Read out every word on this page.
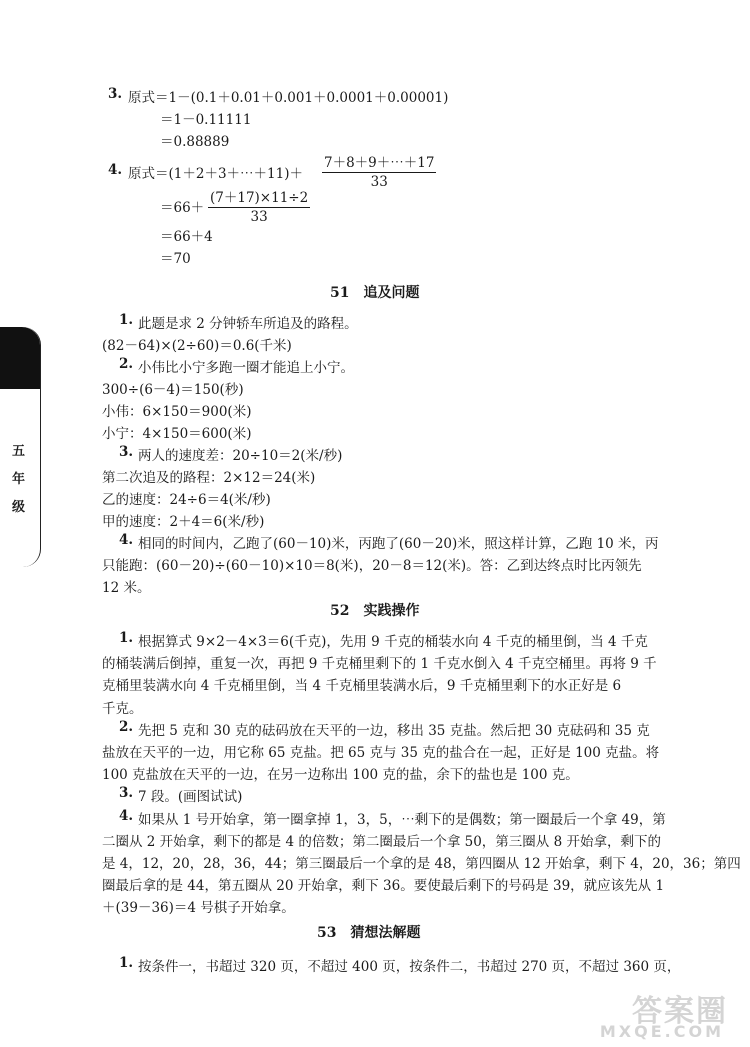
五
年
级
3. 原式＝1－(0.1＋0.01＋0.001＋0.0001＋0.00001)
＝1－0.11111
＝0.88889
4. 原式＝(1＋2＋3＋⋯＋11)＋ $\frac{7+8+9+\cdots+17}{33}$
$=66+ \frac{(7+17)\times 11\div 2}{33}$
＝66＋4
＝70
51　追及问题
1. 此题是求 2 分钟轿车所追及的路程。
(82－64)×(2÷60)＝0.6(千米)
2. 小伟比小宁多跑一圈才能追上小宁。
300÷(6－4)＝150(秒)
小伟：6×150＝900(米)
小宁：4×150＝600(米)
3. 两人的速度差：20÷10＝2(米/秒)
第二次追及的路程：2×12＝24(米)
乙的速度：24÷6＝4(米/秒)
甲的速度：2＋4＝6(米/秒)
4. 相同的时间内，乙跑了(60－10)米，丙跑了(60－20)米，照这样计算，乙跑 10 米，丙
只能跑：(60－20)÷(60－10)×10＝8(米)，20－8＝12(米)。答：乙到达终点时比丙领先
12 米。
52　实践操作
1. 根据算式 9×2－4×3＝6(千克)，先用 9 千克的桶装水向 4 千克的桶里倒，当 4 千克
的桶装满后倒掉，重复一次，再把 9 千克桶里剩下的 1 千克水倒入 4 千克空桶里。再将 9 千
克桶里装满水向 4 千克桶里倒，当 4 千克桶里装满水后，9 千克桶里剩下的水正好是 6
千克。
2. 先把 5 克和 30 克的砝码放在天平的一边，移出 35 克盐。然后把 30 克砝码和 35 克
盐放在天平的一边，用它称 65 克盐。把 65 克与 35 克的盐合在一起，正好是 100 克盐。将
100 克盐放在天平的一边，在另一边称出 100 克的盐，余下的盐也是 100 克。
3. 7 段。(画图试试)
4. 如果从 1 号开始拿，第一圈拿掉 1，3，5，⋯剩下的是偶数；第一圈最后一个拿 49，第
二圈从 2 开始拿，剩下的都是 4 的倍数；第二圈最后一个拿 50，第三圈从 8 开始拿，剩下的
是 4，12，20，28，36，44；第三圈最后一个拿的是 48，第四圈从 12 开始拿，剩下 4，20，36；第四
圈最后拿的是 44，第五圈从 20 开始拿，剩下 36。要使最后剩下的号码是 39，就应该先从 1
＋(39－36)＝4 号棋子开始拿。
53　猜想法解题
1. 按条件一，书超过 320 页，不超过 400 页，按条件二，书超过 270 页，不超过 360 页，
答案圈
MXQE.COM
